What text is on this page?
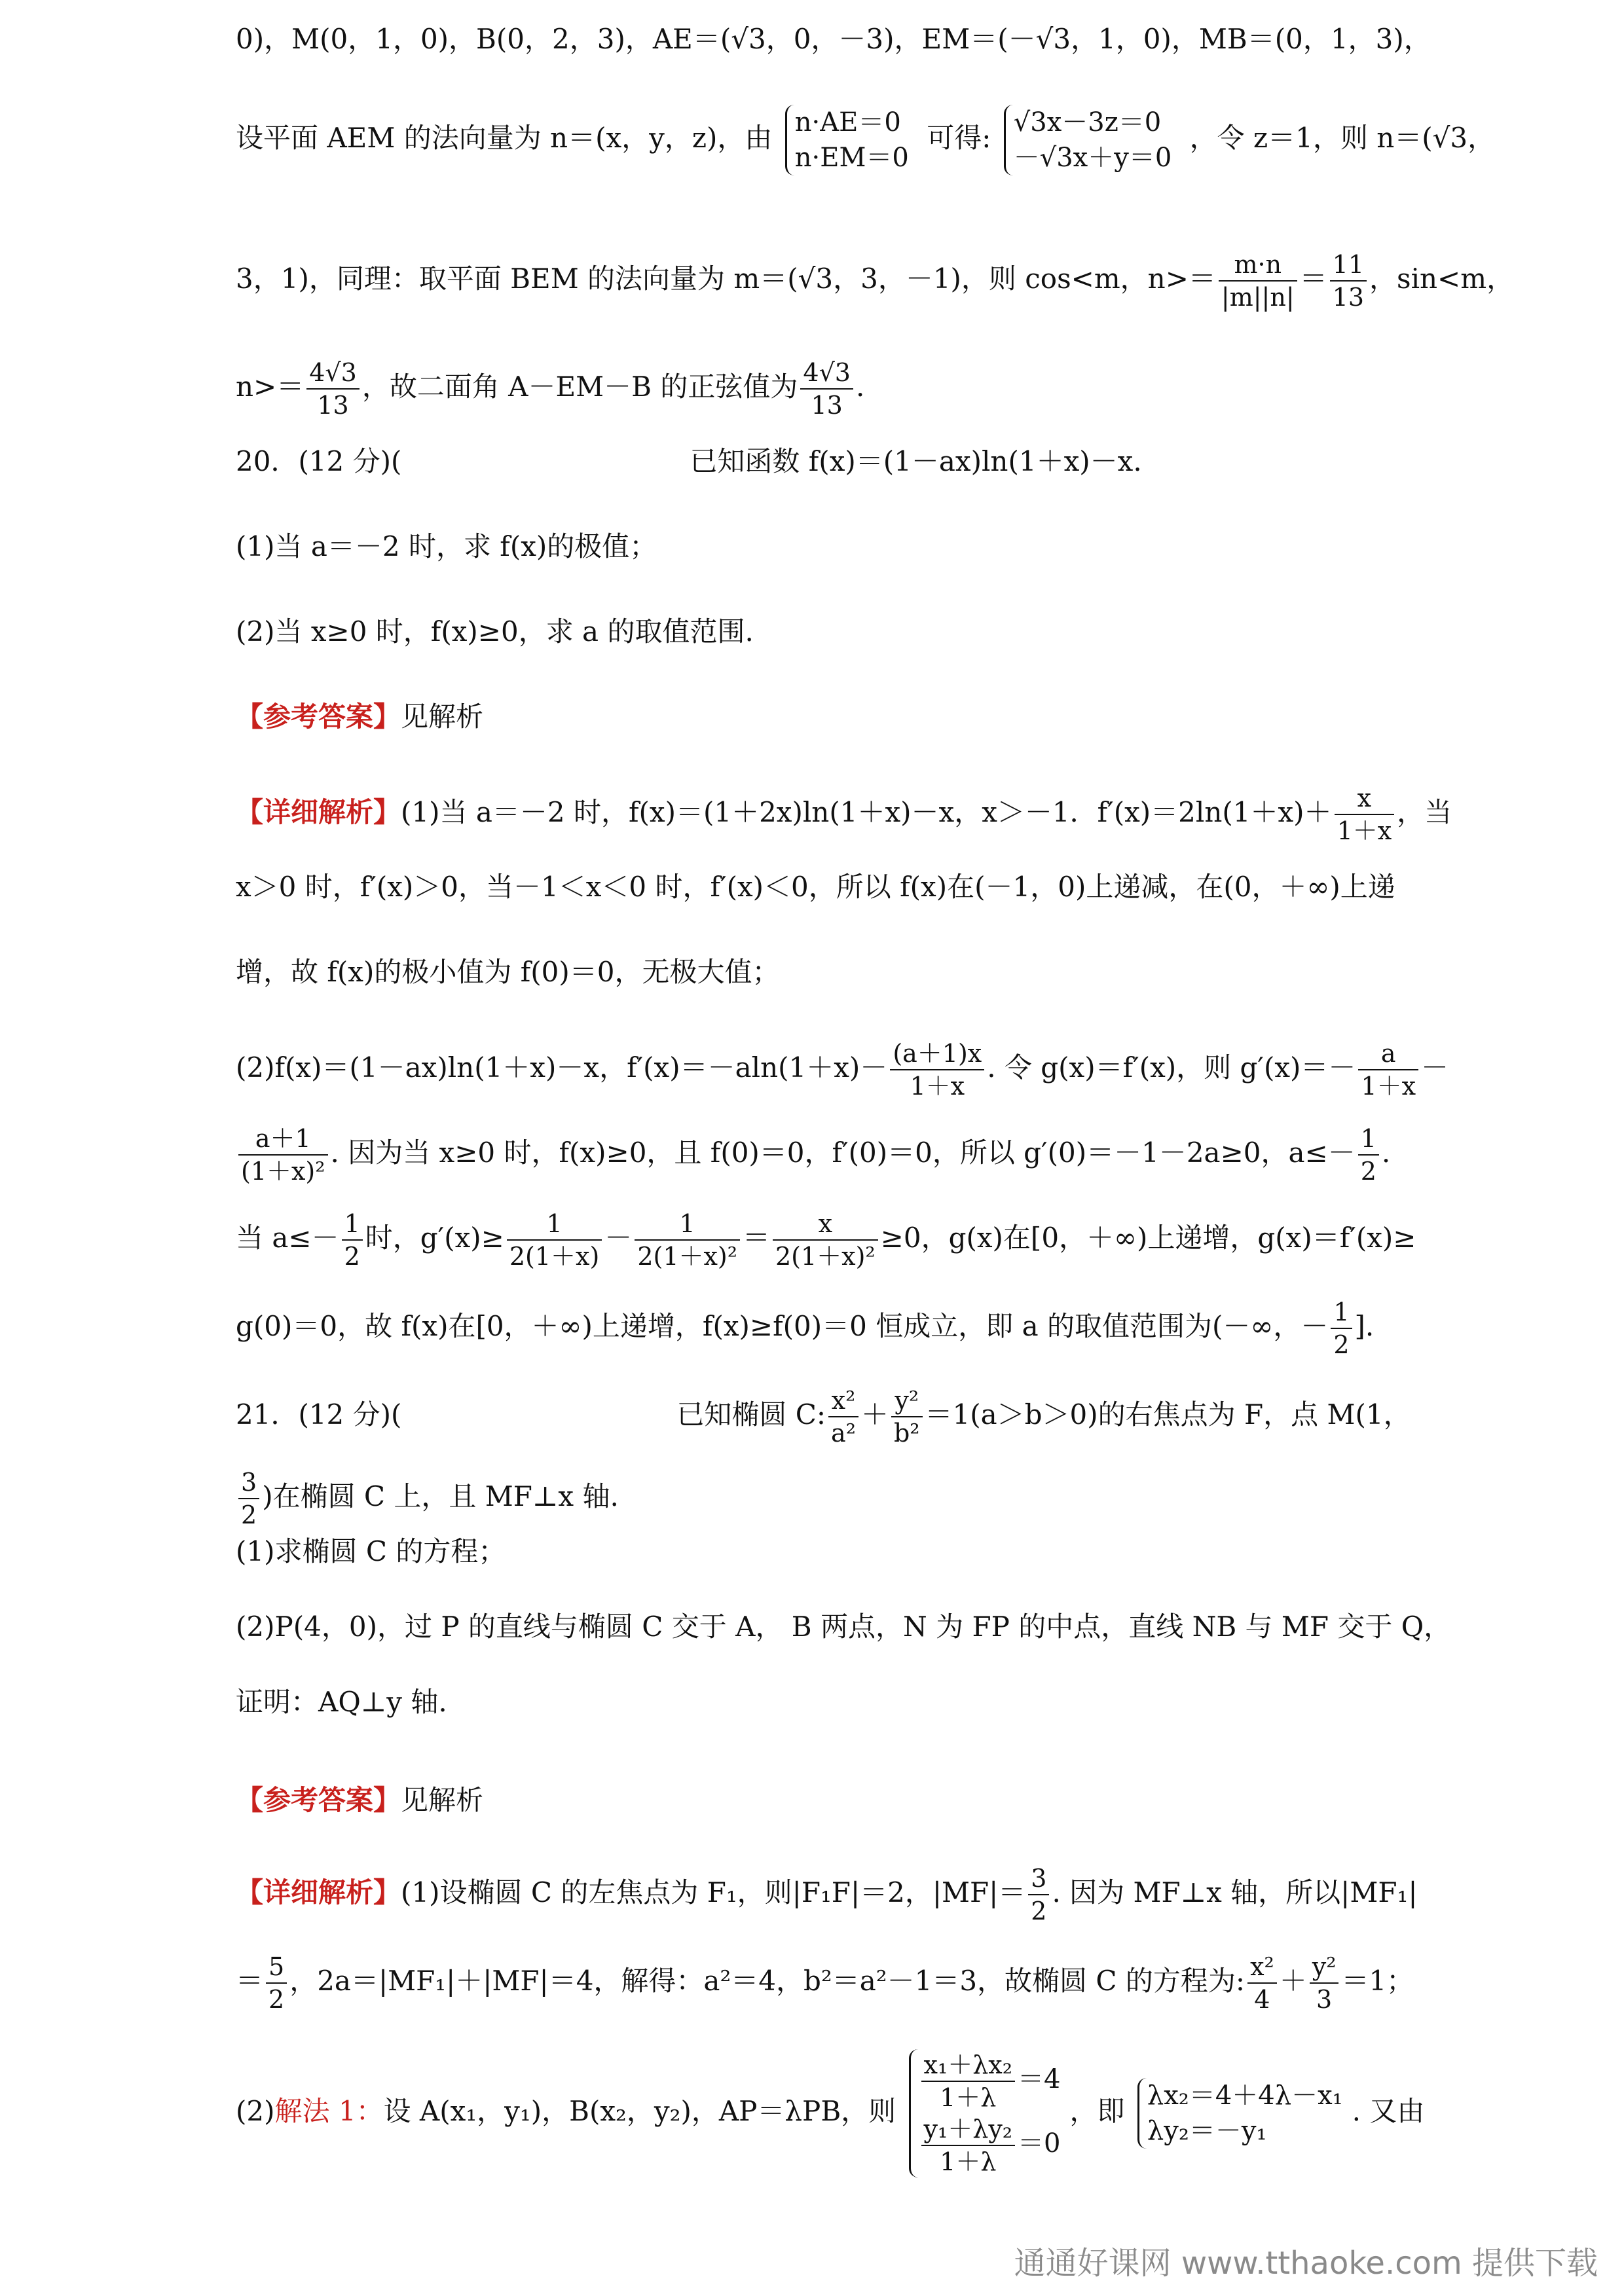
0)，M(0，1，0)，B(0，2，3)，AE＝(√3，0，－3)，EM＝(－√3，1，0)，MB＝(0，1，3)，
设平面 AEM 的法向量为 n＝(x，y，z)，由 n·AE＝0
n·EM＝0
可得: √3x－3z＝0
－√3x＋y＝0
，令 z＝1，则 n＝(√3，
3，1)，同理：取平面 BEM 的法向量为 m＝(√3，3，－1)，则 cos<m，$n>= \frac{m\cdot n}{|m||n|} = \frac{11}{13}$ ，sin<m，
$n>= \frac{4√3}{13}$ ，故二面角 A－EM－B 的正弦值为 $\frac{4√3}{13}$ .
20．(12 分)(	已知函数 f(x)＝(1－ax)ln(1＋x)－x.
(1)当 a＝－2 时，求 f(x)的极值；
(2)当 x≥0 时，f(x)≥0，求 a 的取值范围.
【参考答案】见解析
【详细解析】(1)当 a＝－2 时，f(x)＝(1＋2x)ln(1＋x)－x，x＞－1．$f'(x)=2\ln(1+x)+ \frac{x}{1+x}$ ，当
x＞0 时，f′(x)＞0，当－1＜x＜0 时，f′(x)＜0，所以 f(x)在(－1，0)上递减，在(0，＋∞)上递
增，故 f(x)的极小值为 f(0)＝0，无极大值；
(2)f(x)＝(1－ax)ln(1＋x)－x，$f'(x)=-aln(1+x)- \frac{(a+1)x}{1+x}$ . 令 g(x)＝f′(x)，则 $g'(x)=- \frac{a}{1+x}$ －
$\frac{a+1}{\text{(1＋x)²}}$ . 因为当 x≥0 时，f(x)≥0，且 f(0)＝0，f′(0)＝0，所以 g′(0)＝－1－2a≥0，$a\le- \frac{1}{2}$ .
当 $a\le- \frac{1}{2}$ 时，$g'(x)\ge \frac{1}{2(1+x)} - \frac{1}{\text{2(1＋x)²}} = \frac{x}{\text{2(1＋x)²}} \ge 0$，g(x)在[0，＋∞)上递增，g(x)＝f′(x)≥
g(0)＝0，故 f(x)在[0，＋∞)上递增，f(x)≥f(0)＝0 恒成立，即 a 的取值范围为(－∞，－ $\frac{1}{2}$ ].
21．(12 分)(	已知椭圆 C: $\frac{\text{x²}}{\text{a²}} + \frac{\text{y²}}{\text{b²}} =1(a>b>0)$的右焦点为 F，点 M(1，
$\frac{3}{2}$ )在椭圆 C 上，且 MF⊥x 轴.
(1)求椭圆 C 的方程；
(2)P(4，0)，过 P 的直线与椭圆 C 交于 A， B 两点，N 为 FP 的中点，直线 NB 与 MF 交于 Q，
证明：AQ⊥y 轴.
【参考答案】见解析
【详细解析】(1)设椭圆 C 的左焦点为 F₁，则|F₁F|＝2，$|MF|= \frac{3}{2}$ . 因为 MF⊥x 轴，所以|MF₁|
＝ $\frac{5}{2}$ ，2a＝|MF₁|＋|MF|＝4，解得：a²＝4，b²＝a²－1＝3，故椭圆 C 的方程为: $\frac{\text{x²}}{4} + \frac{\text{y²}}{3} =1$；
(2)解法 1：设 A(x₁，y₁)，B(x₂，y₂)，AP＝λPB，则 $\frac{\text{x₁＋λx₂}}{1+\lambda} =4$
$\frac{\text{y₁＋λy₂}}{1+\lambda} =0$
，即 λx₂＝4＋4λ－x₁
λy₂＝－y₁
. 又由
通通好课网 www.tthaoke.com 提供下载
